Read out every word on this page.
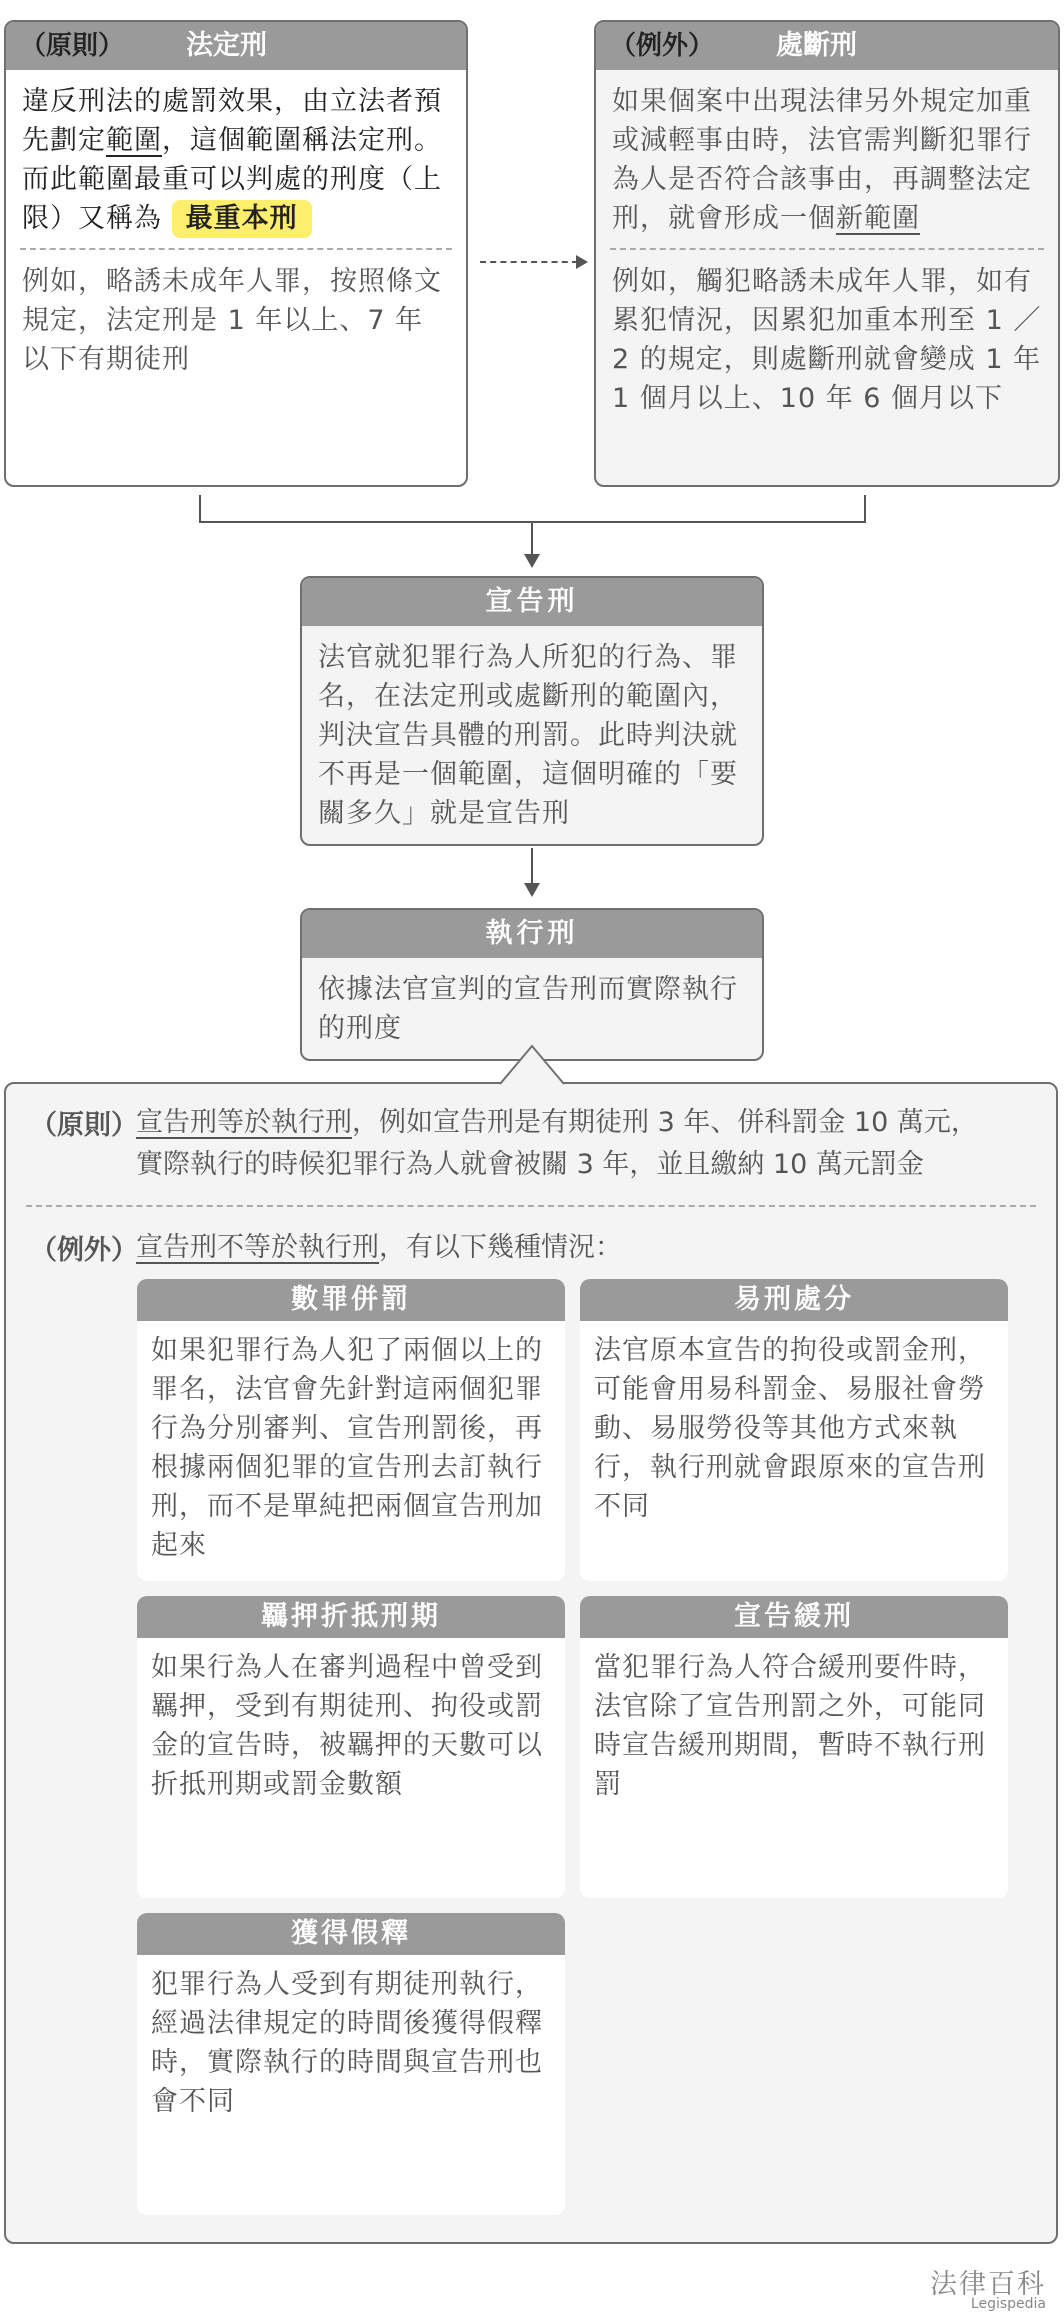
（原則） 法定刑
違反刑法的處罰效果，由立法者預先劃定範圍，這個範圍稱法定刑。而此範圍最重可以判處的刑度（上限）又稱為 最重本刑
例如，略誘未成年人罪，按照條文規定，法定刑是 1 年以上、7 年以下有期徒刑
（例外） 處斷刑
如果個案中出現法律另外規定加重或減輕事由時，法官需判斷犯罪行為人是否符合該事由，再調整法定刑，就會形成一個新範圍
例如，觸犯略誘未成年人罪，如有累犯情況，因累犯加重本刑至 1 ／ 2 的規定，則處斷刑就會變成 1 年 1 個月以上、10 年 6 個月以下
宣告刑
法官就犯罪行為人所犯的行為、罪名，在法定刑或處斷刑的範圍內，判決宣告具體的刑罰。此時判決就不再是一個範圍，這個明確的「要關多久」就是宣告刑
執行刑
依據法官宣判的宣告刑而實際執行的刑度
（原則）
宣告刑等於執行刑，例如宣告刑是有期徒刑 3 年、併科罰金 10 萬元，
實際執行的時候犯罪行為人就會被關 3 年，並且繳納 10 萬元罰金
（例外）
宣告刑不等於執行刑，有以下幾種情況：
數罪併罰
如果犯罪行為人犯了兩個以上的罪名，法官會先針對這兩個犯罪行為分別審判、宣告刑罰後，再根據兩個犯罪的宣告刑去訂執行刑，而不是單純把兩個宣告刑加起來
易刑處分
法官原本宣告的拘役或罰金刑，可能會用易科罰金、易服社會勞動、易服勞役等其他方式來執行，執行刑就會跟原來的宣告刑不同
羈押折抵刑期
如果行為人在審判過程中曾受到羈押，受到有期徒刑、拘役或罰金的宣告時，被羈押的天數可以折抵刑期或罰金數額
宣告緩刑
當犯罪行為人符合緩刑要件時，法官除了宣告刑罰之外，可能同時宣告緩刑期間，暫時不執行刑罰
獲得假釋
犯罪行為人受到有期徒刑執行，經過法律規定的時間後獲得假釋時，實際執行的時間與宣告刑也會不同
法律百科
Legispedia
